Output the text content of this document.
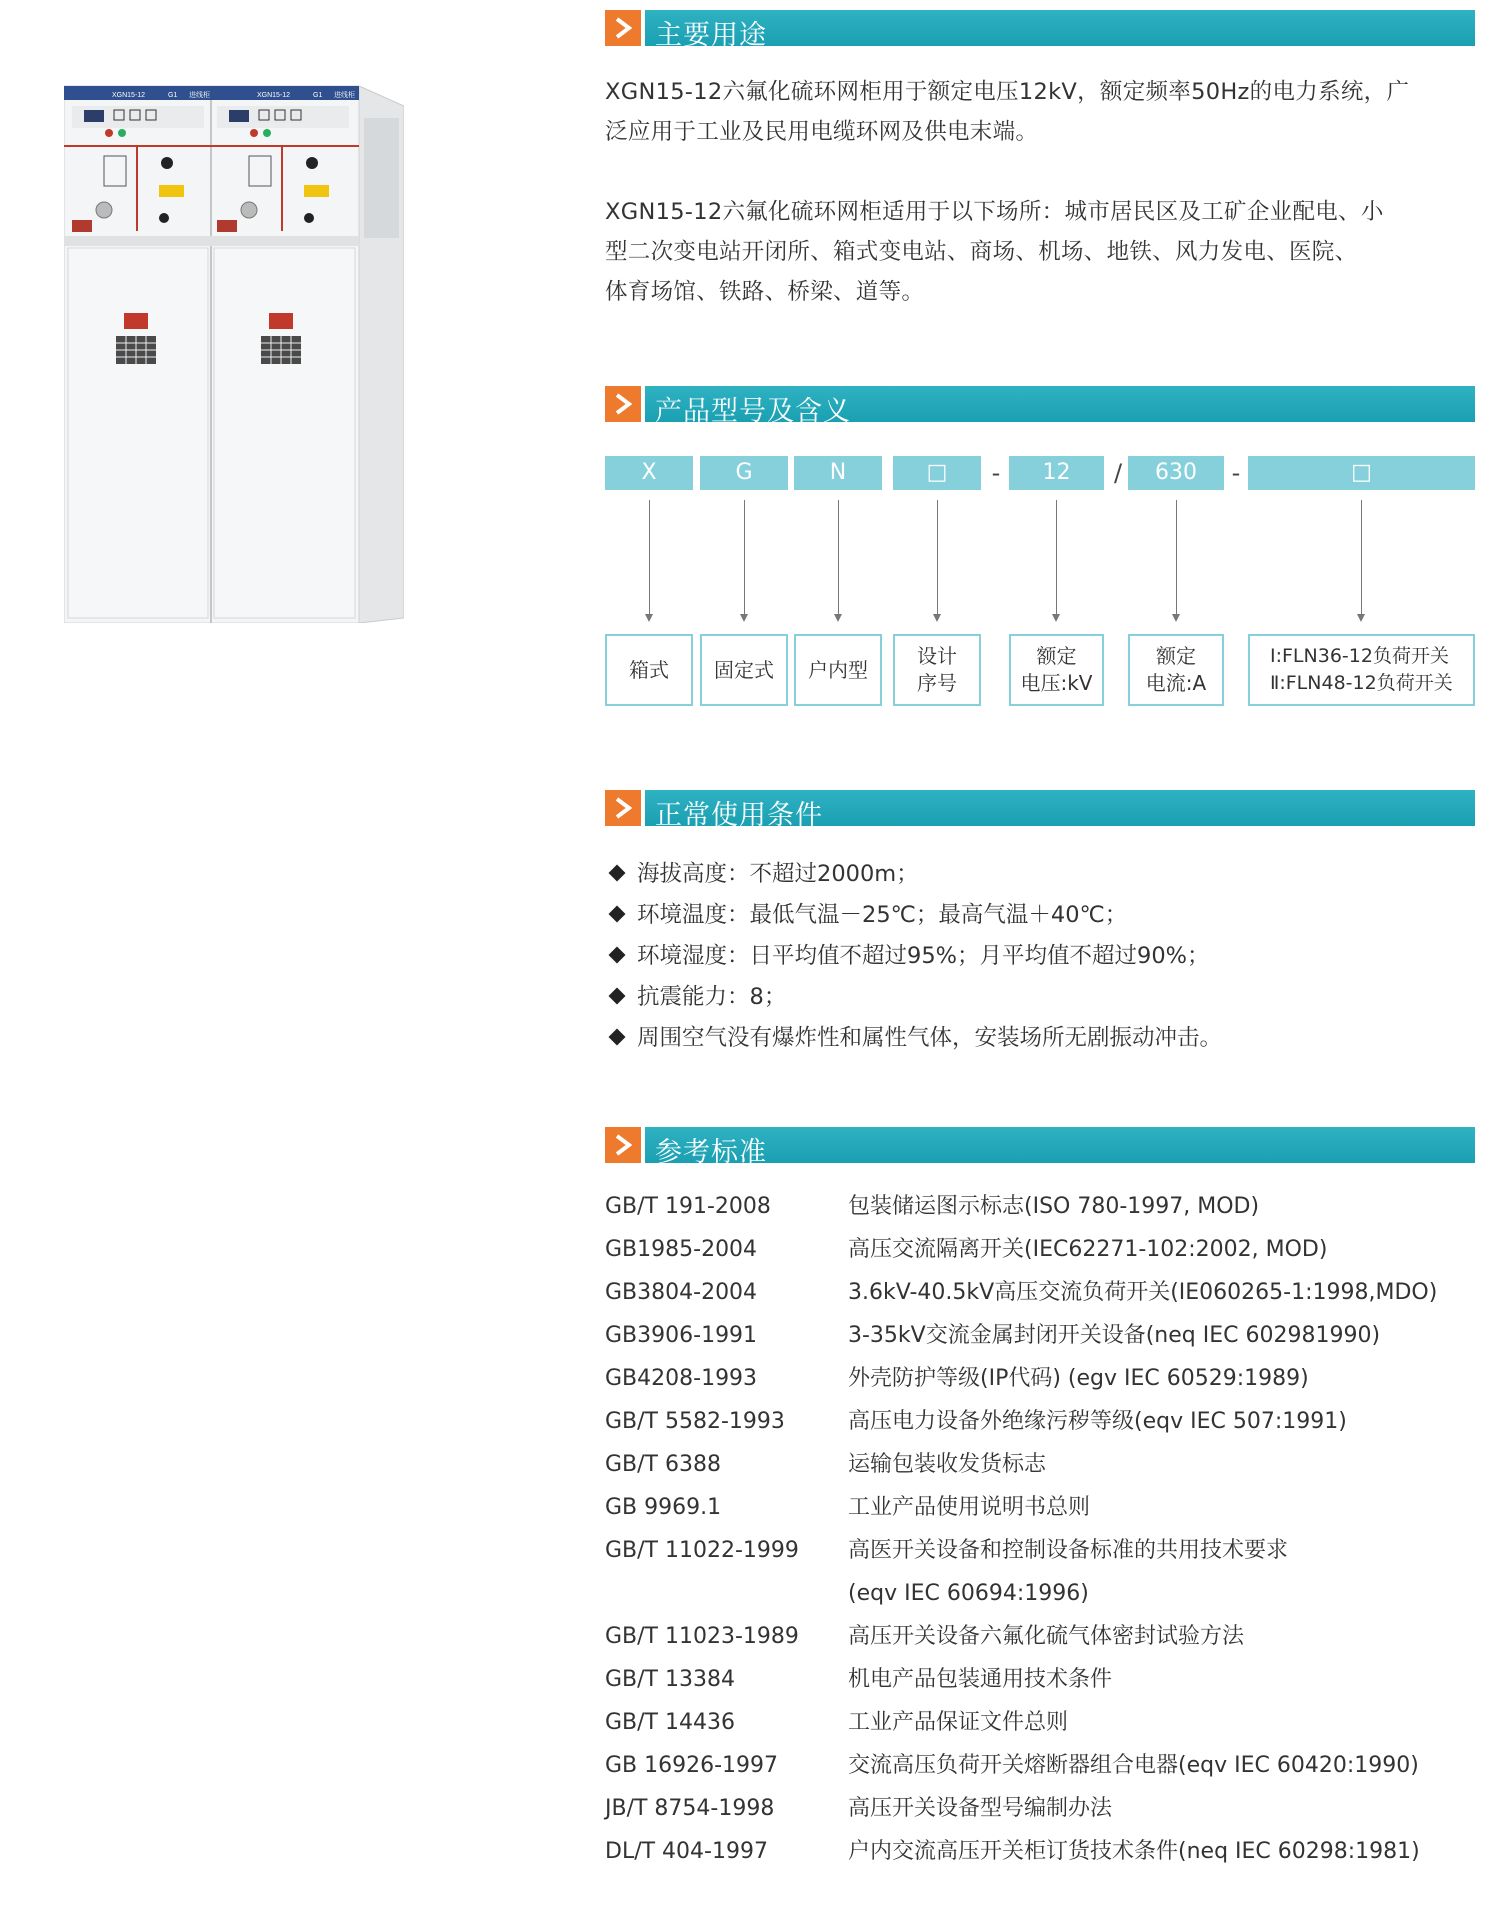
XGN15-12	G1 进线柜	XGN15-12	G1 进线柜
主要用途
XGN15-12六氟化硫环网柜用于额定电压12kV，额定频率50Hz的电力系统，广
泛应用于工业及民用电缆环网及供电末端。
XGN15-12六氟化硫环网柜适用于以下场所：城市居民区及工矿企业配电、小
型二次变电站开闭所、箱式变电站、商场、机场、地铁、风力发电、医院、
体育场馆、铁路、桥梁、道等。
产品型号及含义
X	G	N	□	-	12	/	630	-	□
箱式 固定式 户内型
设计
序号
额定
电压:kV
额定
电流:A
Ⅰ:FLN36-12负荷开关
Ⅱ:FLN48-12负荷开关
正常使用条件
海拔高度：不超过2000m；
环境温度：最低气温－25℃；最高气温＋40℃；
环境湿度：日平均值不超过95%；月平均值不超过90%；
抗震能力：8；
周围空气没有爆炸性和属性气体，安装场所无剧振动冲击。
参考标准
GB/T 191-2008	包装储运图示标志(ISO 780-1997, MOD)
GB1985-2004	高压交流隔离开关(IEC62271-102:2002, MOD)
GB3804-2004	3.6kV-40.5kV高压交流负荷开关(IE060265-1:1998,MDO)
GB3906-1991	3-35kV交流金属封闭开关设备(neq IEC 602981990)
GB4208-1993	外壳防护等级(IP代码) (egv IEC 60529:1989)
GB/T 5582-1993	高压电力设备外绝缘污秽等级(eqv IEC 507:1991)
GB/T 6388	运输包装收发货标志
GB 9969.1	工业产品使用说明书总则
GB/T 11022-1999 高医开关设备和控制设备标准的共用技术要求
(eqv IEC 60694:1996)
GB/T 11023-1989 高压开关设备六氟化硫气体密封试验方法
GB/T 13384	机电产品包装通用技术条件
GB/T 14436	工业产品保证文件总则
GB 16926-1997	交流高压负荷开关熔断器组合电器(eqv IEC 60420:1990)
JB/T 8754-1998	高压开关设备型号编制办法
DL/T 404-1997	户内交流高压开关柜订货技术条件(neq IEC 60298:1981)
